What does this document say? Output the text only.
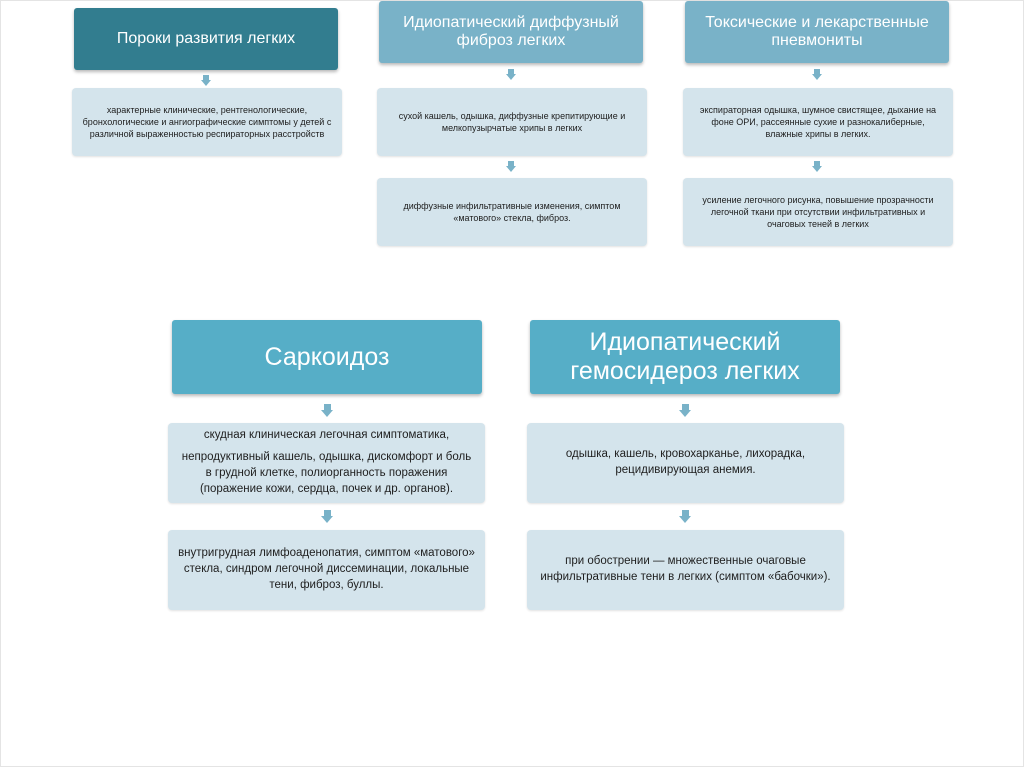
Пороки развития легких
характерные клинические, рентгенологические, бронхологические и ангиографические симптомы у детей с различной выраженностью респираторных расстройств
Идиопатический диффузный фиброз легких
сухой кашель, одышка, диффузные крепитирующие и мелкопузырчатые хрипы в легких
диффузные инфильтративные изменения, симптом «матового» стекла, фиброз.
Токсические и лекарственные пневмониты
экспираторная одышка, шумное свистящее, дыхание на фоне ОРИ, рассеянные сухие и разнокалиберные, влажные хрипы в легких.
усиление легочного рисунка, повышение прозрачности легочной ткани при отсутствии инфильтративных и очаговых теней в легких
Саркоидоз
скудная клиническая легочная симптоматика,
непродуктивный кашель, одышка, дискомфорт и боль в грудной клетке, полиорганность поражения (поражение кожи, сердца, почек и др. органов).
внутригрудная лимфоаденопатия, симптом «матового» стекла, синдром легочной диссеминации, локальные тени, фиброз, буллы.
Идиопатический гемосидероз легких
одышка, кашель, кровохарканье, лихорадка, рецидивирующая анемия.
при обострении — множественные очаговые инфильтративные тени в легких (симптом «бабочки»).
